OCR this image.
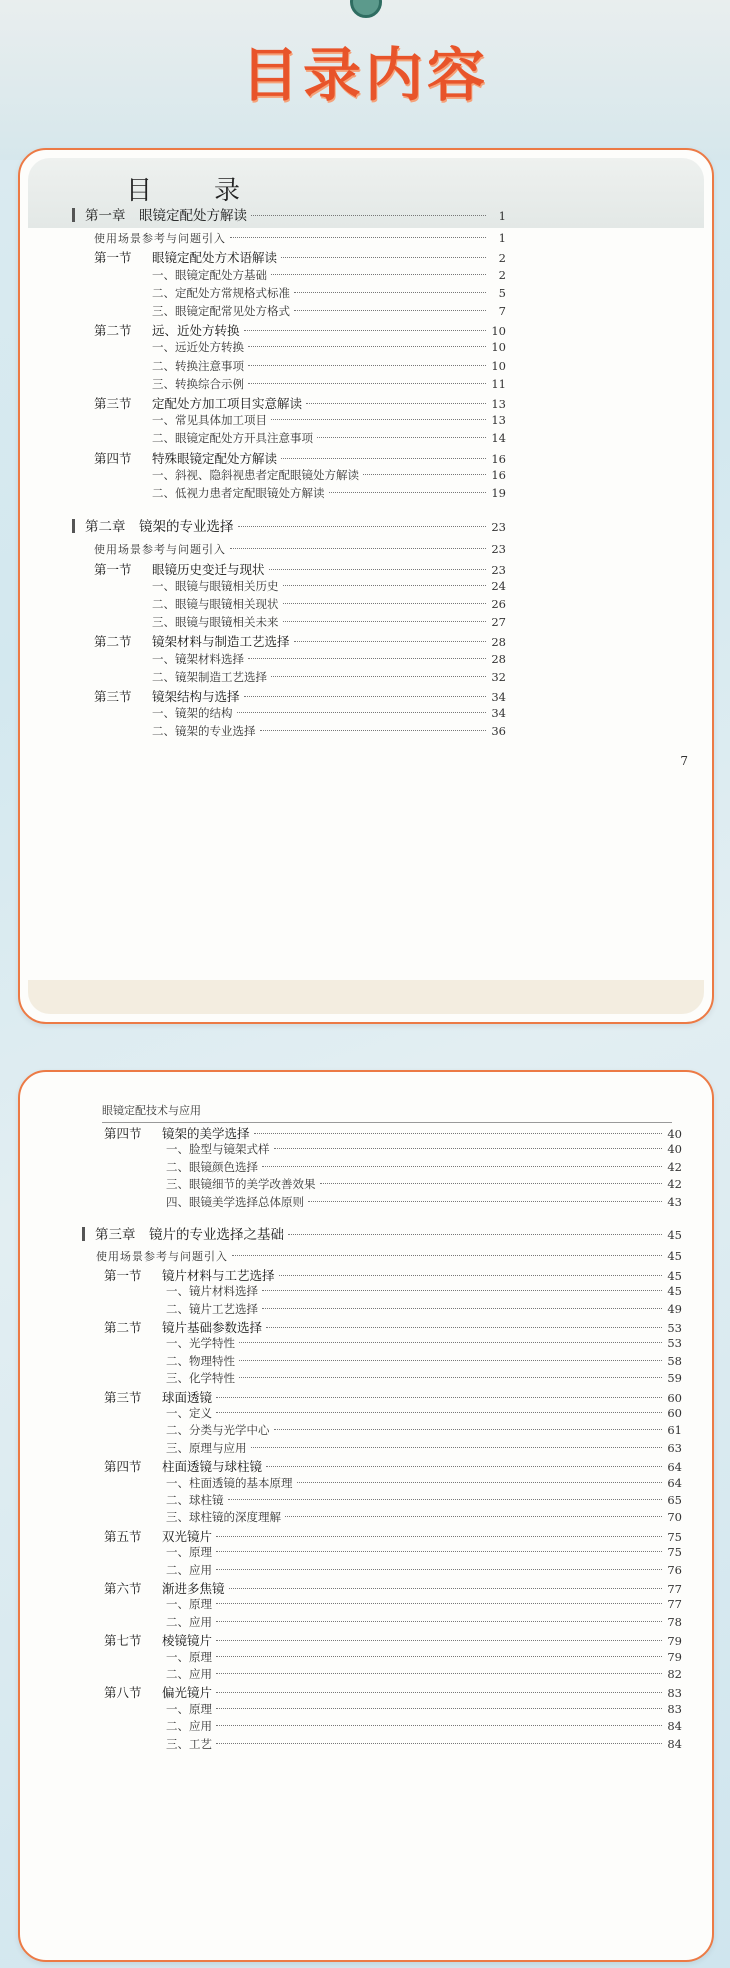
目录内容
目　录
第一章　眼镜定配处方解读	1
使用场景参考与问题引入	1
第一节	眼镜定配处方术语解读	2
一、眼镜定配处方基础	2
二、定配处方常规格式标准	5
三、眼镜定配常见处方格式	7
第二节	远、近处方转换	10
一、远近处方转换	10
二、转换注意事项	10
三、转换综合示例	11
第三节	定配处方加工项目实意解读	13
一、常见具体加工项目	13
二、眼镜定配处方开具注意事项	14
第四节	特殊眼镜定配处方解读	16
一、斜视、隐斜视患者定配眼镜处方解读	16
二、低视力患者定配眼镜处方解读	19
第二章　镜架的专业选择	23
使用场景参考与问题引入	23
第一节	眼镜历史变迁与现状	23
一、眼镜与眼镜相关历史	24
二、眼镜与眼镜相关现状	26
三、眼镜与眼镜相关未来	27
第二节	镜架材料与制造工艺选择	28
一、镜架材料选择	28
二、镜架制造工艺选择	32
第三节	镜架结构与选择	34
一、镜架的结构	34
二、镜架的专业选择	36
7
眼镜定配技术与应用
第四节	镜架的美学选择	40
一、脸型与镜架式样	40
二、眼镜颜色选择	42
三、眼镜细节的美学改善效果	42
四、眼镜美学选择总体原则	43
第三章　镜片的专业选择之基础	45
使用场景参考与问题引入	45
第一节	镜片材料与工艺选择	45
一、镜片材料选择	45
二、镜片工艺选择	49
第二节	镜片基础参数选择	53
一、光学特性	53
二、物理特性	58
三、化学特性	59
第三节	球面透镜	60
一、定义	60
二、分类与光学中心	61
三、原理与应用	63
第四节	柱面透镜与球柱镜	64
一、柱面透镜的基本原理	64
二、球柱镜	65
三、球柱镜的深度理解	70
第五节	双光镜片	75
一、原理	75
二、应用	76
第六节	渐进多焦镜	77
一、原理	77
二、应用	78
第七节	棱镜镜片	79
一、原理	79
二、应用	82
第八节	偏光镜片	83
一、原理	83
二、应用	84
三、工艺	84
